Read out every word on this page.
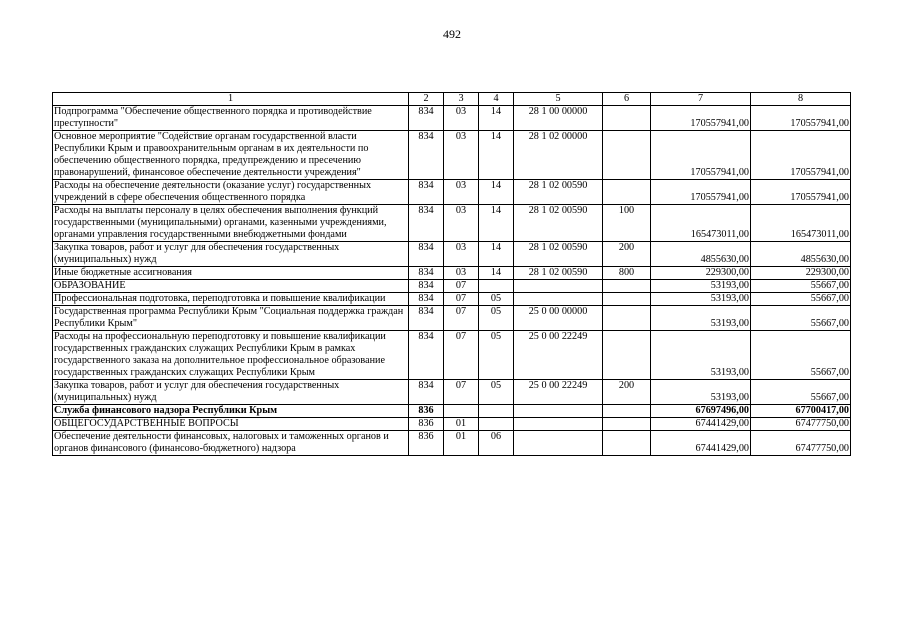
492
1	2	3	4	5	6	7	8
Подпрограмма "Обеспечение общественного порядка и противодействие преступности"	834	03	14	28 1 00 00000		170557941,00	170557941,00
Основное мероприятие "Содействие органам государственной власти Республики Крым и правоохранительным органам в их деятельности по обеспечению общественного порядка, предупреждению и пресечению правонарушений, финансовое обеспечение деятельности учреждения"	834	03	14	28 1 02 00000		170557941,00	170557941,00
Расходы на обеспечение деятельности (оказание услуг) государственных учреждений в сфере обеспечения общественного порядка	834	03	14	28 1 02 00590		170557941,00	170557941,00
Расходы на выплаты персоналу в целях обеспечения выполнения функций государственными (муниципальными) органами, казенными учреждениями, органами управления государственными внебюджетными фондами	834	03	14	28 1 02 00590	100	165473011,00	165473011,00
Закупка товаров, работ и услуг для обеспечения государственных (муниципальных) нужд	834	03	14	28 1 02 00590	200	4855630,00	4855630,00
Иные бюджетные ассигнования	834	03	14	28 1 02 00590	800	229300,00	229300,00
ОБРАЗОВАНИЕ	834	07				53193,00	55667,00
Профессиональная подготовка, переподготовка и повышение квалификации	834	07	05			53193,00	55667,00
Государственная программа Республики Крым "Социальная поддержка граждан Республики Крым"	834	07	05	25 0 00 00000		53193,00	55667,00
Расходы на профессиональную переподготовку и повышение квалификации государственных гражданских служащих Республики Крым в рамках государственного заказа на дополнительное профессиональное образование государственных гражданских служащих Республики Крым	834	07	05	25 0 00 22249		53193,00	55667,00
Закупка товаров, работ и услуг для обеспечения государственных (муниципальных) нужд	834	07	05	25 0 00 22249	200	53193,00	55667,00
Служба финансового надзора Республики Крым	836					67697496,00	67700417,00
ОБЩЕГОСУДАРСТВЕННЫЕ ВОПРОСЫ	836	01				67441429,00	67477750,00
Обеспечение деятельности финансовых, налоговых и таможенных органов и органов финансового (финансово-бюджетного) надзора	836	01	06			67441429,00	67477750,00
